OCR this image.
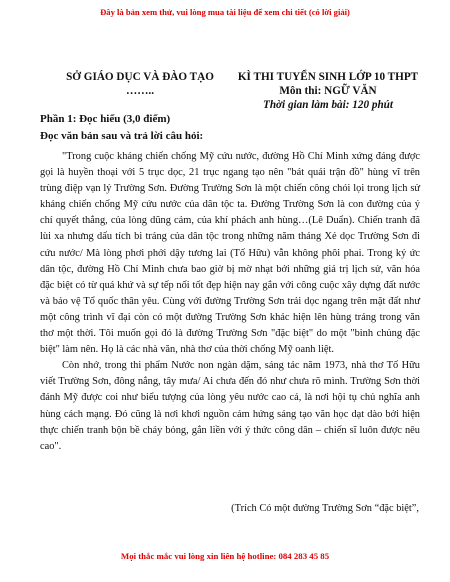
Đây là bản xem thử, vui lòng mua tài liệu để xem chi tiết (có lời giải)
SỞ GIÁO DỤC VÀ ĐÀO TẠO
……..
KÌ THI TUYỂN SINH LỚP 10 THPT
Môn thi: NGỮ VĂN
Thời gian làm bài: 120 phút
Phần 1: Đọc hiểu (3,0 điểm)
Đọc văn bản sau và trả lời câu hỏi:

"Trong cuộc kháng chiến chống Mỹ cứu nước, đường Hồ Chí Minh xứng đáng được gọi là huyền thoại với 5 trục dọc, 21 trục ngang tạo nên "bát quái trận đồ" hùng vĩ trên trùng điệp vạn lý Trường Sơn. Đường Trường Sơn là một chiến công chói lọi trong lịch sử kháng chiến chống Mỹ cứu nước của dân tộc ta. Đường Trường Sơn là con đường của ý chí quyết thắng, của lòng dũng cảm, của khí phách anh hùng…(Lê Duẩn). Chiến tranh đã lùi xa nhưng dấu tích bi tráng của dân tộc trong những năm tháng Xẻ dọc Trường Sơn đi cứu nước/ Mà lòng phơi phới dậy tương lai (Tố Hữu) vẫn không phôi phai. Trong ký ức dân tộc, đường Hồ Chí Minh chưa bao giờ bị mờ nhạt bởi những giá trị lịch sử, văn hóa đặc biệt có từ quá khứ và sự tếp nối tốt đẹp hiện nay gắn với công cuộc xây dựng đất nước và bảo vệ Tổ quốc thân yêu. Cùng với đường Trường Sơn trải dọc ngang trên mặt đất như một công trình vĩ đại còn có một đường Trường Sơn khác hiện lên hùng tráng trong văn thơ một thời. Tôi muốn gọi đó là đường Trường Sơn "đặc biệt" do một "binh chủng đặc biệt" làm nên. Họ là các nhà văn, nhà thơ của thời chống Mỹ oanh liệt.

Còn nhớ, trong thi phẩm Nước non ngàn dặm, sáng tác năm 1973, nhà thơ Tố Hữu viết Trường Sơn, đông nắng, tây mưa/ Ai chưa đến đó như chưa rõ mình. Trường Sơn thời đánh Mỹ được coi như biểu tượng của lòng yêu nước cao cả, là nơi hội tụ chủ nghĩa anh hùng cách mạng. Đó cũng là nơi khơi nguồn cảm hứng sáng tạo văn học dạt dào bởi hiện thực chiến tranh bộn bề cháy bỏng, gắn liền với ý thức công dân – chiến sĩ luôn được nêu cao".

(Trích Có một đường Trường Sơn “đặc biệt”,
Mọi thắc mắc vui lòng xin liên hệ hotline: 084 283 45 85
